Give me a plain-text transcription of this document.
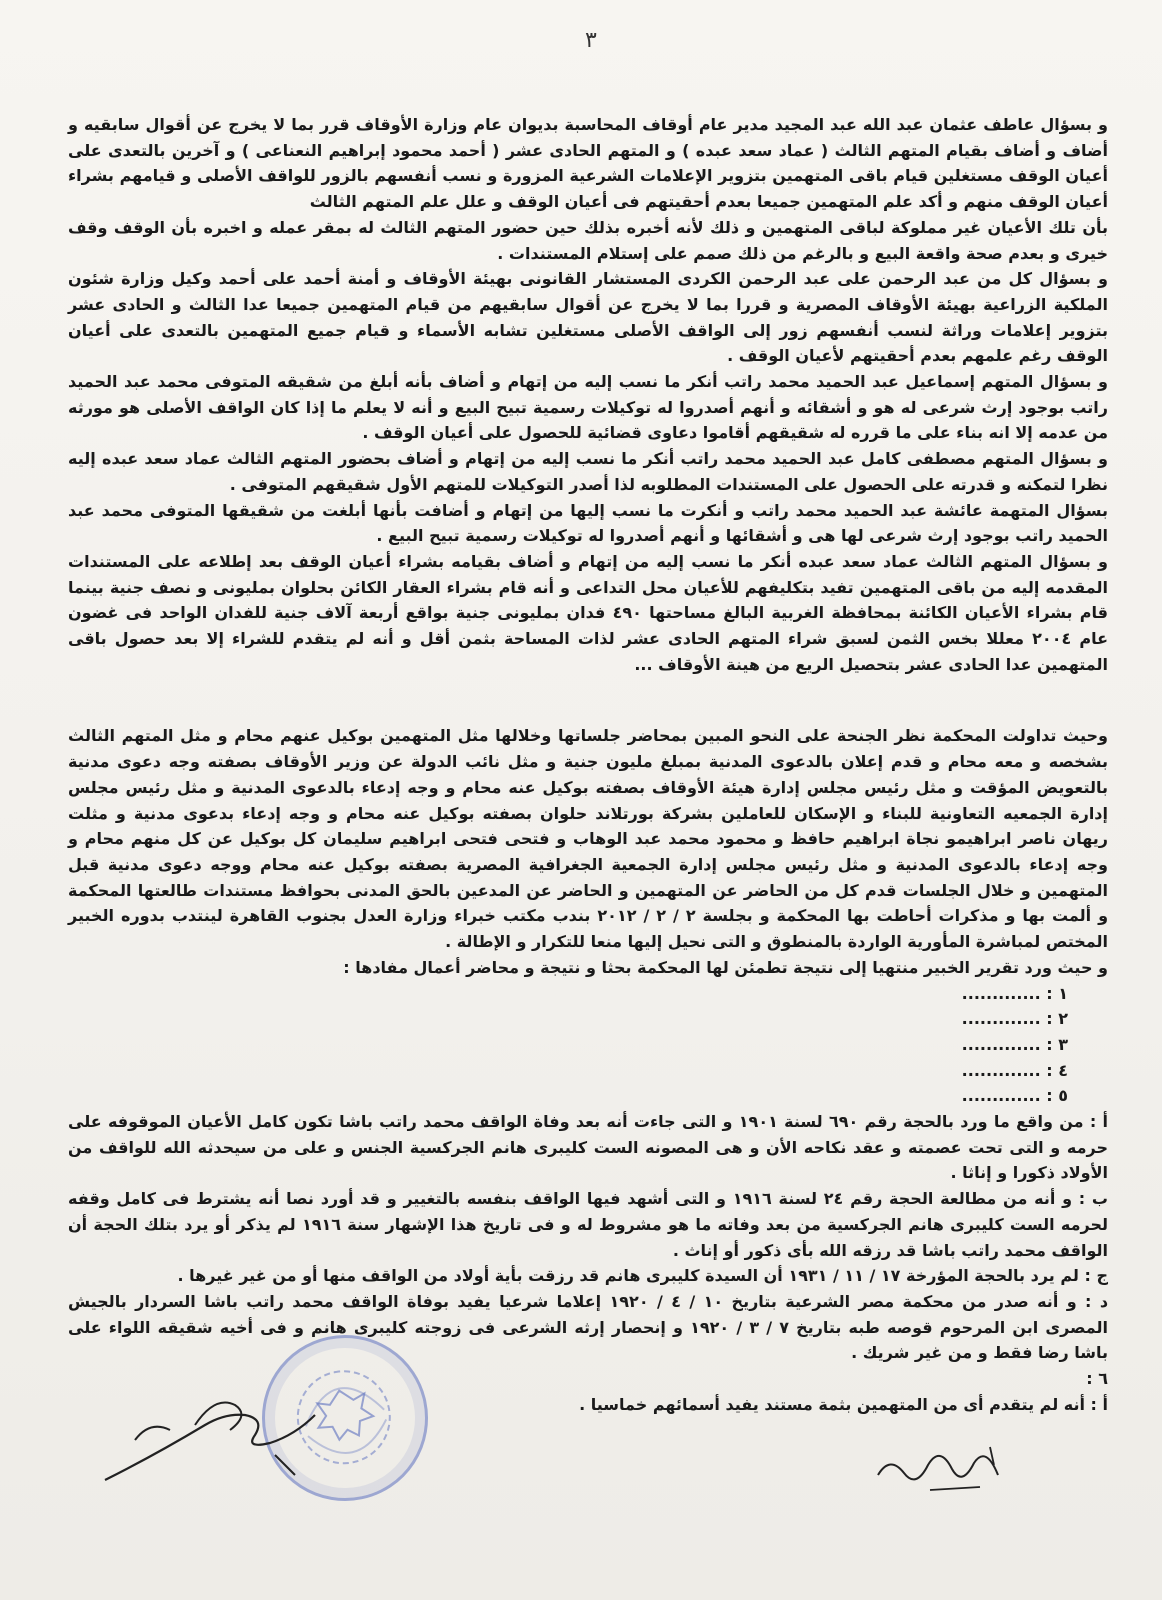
٣

و بسؤال عاطف عثمان عبد الله عبد المجيد مدير عام أوقاف المحاسبة بديوان عام وزارة الأوقاف قرر بما لا يخرج عن أقوال سابقيه و أضاف و أضاف بقيام المتهم الثالث ( عماد سعد عبده ) و المتهم الحادى عشر ( أحمد محمود إبراهيم النعناعى ) و آخرين بالتعدى على أعيان الوقف مستغلين قيام باقى المتهمين بتزوير الإعلامات الشرعية المزورة و نسب أنفسهم بالزور للواقف الأصلى و قيامهم بشراء أعيان الوقف منهم و أكد علم المتهمين جميعا بعدم أحقيتهم فى أعيان الوقف و علل علم المتهم الثالث

بأن تلك الأعيان غير مملوكة لباقى المتهمين و ذلك لأنه أخبره بذلك حين حضور المتهم الثالث له بمقر عمله و اخبره بأن الوقف وقف خيرى و بعدم صحة واقعة البيع و بالرغم من ذلك صمم على إستلام المستندات .

و بسؤال كل من عبد الرحمن على عبد الرحمن الكردى المستشار القانونى بهيئة الأوقاف و أمنة أحمد على أحمد وكيل وزارة شئون الملكية الزراعية بهيئة الأوقاف المصرية و قررا بما لا يخرج عن أقوال سابقيهم من قيام المتهمين جميعا عدا الثالث و الحادى عشر بتزوير إعلامات وراثة لنسب أنفسهم زور إلى الواقف الأصلى مستغلين تشابه الأسماء و قيام جميع المتهمين بالتعدى على أعيان الوقف رغم علمهم بعدم أحقيتهم لأعيان الوقف .

و بسؤال المتهم إسماعيل عبد الحميد محمد راتب أنكر ما نسب إليه من إتهام و أضاف بأنه أبلغ من شقيقه المتوفى محمد عبد الحميد راتب بوجود إرث شرعى له هو و أشقائه و أنهم أصدروا له توكيلات رسمية تبيح البيع و أنه لا يعلم ما إذا كان الواقف الأصلى هو مورثه من عدمه إلا انه بناء على ما قرره له شقيقهم أقاموا دعاوى قضائية للحصول على أعيان الوقف .

و بسؤال المتهم مصطفى كامل عبد الحميد محمد راتب أنكر ما نسب إليه من إتهام و أضاف بحضور المتهم الثالث عماد سعد عبده إليه نظرا لتمكنه و قدرته على الحصول على المستندات المطلوبه لذا أصدر التوكيلات للمتهم الأول شقيقهم المتوفى .

بسؤال المتهمة عائشة عبد الحميد محمد راتب و أنكرت ما نسب إليها من إتهام و أضافت بأنها أبلغت من شقيقها المتوفى محمد عبد الحميد راتب بوجود إرث شرعى لها هى و أشقائها و أنهم أصدروا له توكيلات رسمية تبيح البيع .

و بسؤال المتهم الثالث عماد سعد عبده أنكر ما نسب إليه من إتهام و أضاف بقيامه بشراء أعيان الوقف بعد إطلاعه على المستندات المقدمه إليه من باقى المتهمين تفيد بتكليفهم للأعيان محل التداعى و أنه قام بشراء العقار الكائن بحلوان بمليونى و نصف جنية بينما قام بشراء الأعيان الكائنة بمحافظة الغربية البالغ مساحتها ٤٩٠ فدان بمليونى جنية بواقع أربعة آلاف جنية للفدان الواحد فى غضون عام ٢٠٠٤ معللا بخس الثمن لسبق شراء المتهم الحادى عشر لذات المساحة بثمن أقل و أنه لم يتقدم للشراء إلا بعد حصول باقى المتهمين عدا الحادى عشر بتحصيل الريع من هينة الأوقاف ...

وحيث تداولت المحكمة نظر الجنحة على النحو المبين بمحاضر جلساتها وخلالها مثل المتهمين بوكيل عنهم محام و مثل المتهم الثالث بشخصه و معه محام و قدم إعلان بالدعوى المدنية بمبلغ مليون جنية و مثل نائب الدولة عن وزير الأوقاف بصفته وجه دعوى مدنية بالتعويض المؤقت و مثل رئيس مجلس إدارة هيئة الأوقاف بصفته بوكيل عنه محام و وجه إدعاء بالدعوى المدنية و مثل رئيس مجلس إدارة الجمعيه التعاونية للبناء و الإسكان للعاملين بشركة بورتلاند حلوان بصفته بوكيل عنه محام و وجه إدعاء بدعوى مدنية و مثلت ريهان ناصر ابراهيمو نجاة ابراهيم حافظ و محمود محمد عبد الوهاب و فتحى فتحى ابراهيم سليمان كل بوكيل عن كل منهم محام و وجه إدعاء بالدعوى المدنية و مثل رئيس مجلس إدارة الجمعية الجغرافية المصرية بصفته بوكيل عنه محام ووجه دعوى مدنية قبل المتهمين و خلال الجلسات قدم كل من الحاضر عن المتهمين و الحاضر عن المدعين بالحق المدنى بحوافظ مستندات طالعتها المحكمة و ألمت بها و مذكرات أحاطت بها المحكمة و بجلسة ٢ / ٢ / ٢٠١٢ بندب مكتب خبراء وزارة العدل بجنوب القاهرة لينتدب بدوره الخبير المختص لمباشرة المأورية الواردة بالمنطوق و التى نحيل إليها منعا للتكرار و الإطالة .

و حيث ورد تقرير الخبير منتهيا إلى نتيجة تطمئن لها المحكمة بحثا و نتيجة و محاضر أعمال مفادها :

١ : .............

٢ : .............

٣ : .............

٤ : .............

٥ : .............

أ : من واقع ما ورد بالحجة رقم ٦٩٠ لسنة ١٩٠١ و التى جاءت أنه بعد وفاة الواقف محمد راتب باشا تكون كامل الأعيان الموقوفه على حرمه و التى تحت عصمته و عقد نكاحه الأن و هى المصونه الست كليبرى هانم الجركسية الجنس و على من سيحدثه الله للواقف من الأولاد ذكورا و إناثا .

ب : و أنه من مطالعة الحجة رقم ٢٤ لسنة ١٩١٦ و التى أشهد فيها الواقف بنفسه بالتغيير و قد أورد نصا أنه يشترط فى كامل وقفه لحرمه الست كليبرى هانم الجركسية من بعد وفاته ما هو مشروط له و فى تاريخ هذا الإشهار سنة ١٩١٦ لم يذكر أو يرد بتلك الحجة أن الواقف محمد راتب باشا قد رزقه الله بأى ذكور أو إناث .

ج : لم يرد بالحجة المؤرخة ١٧ / ١١ / ١٩٣١ أن السيدة كليبرى هانم قد رزقت بأية أولاد من الواقف منها أو من غير غيرها .

د : و أنه صدر من محكمة مصر الشرعية بتاريخ ١٠ / ٤ / ١٩٢٠ إعلاما شرعيا يفيد بوفاة الواقف محمد راتب باشا السردار بالجيش المصرى ابن المرحوم قوصه طبه بتاريخ ٧ / ٣ / ١٩٢٠ و إنحصار إرثه الشرعى فى زوجته كليبرى هانم و فى أخيه شقيقه اللواء على باشا رضا فقط و من غير شريك .

٦ :

أ : أنه لم يتقدم أى من المتهمين بثمة مستند يفيد أسمائهم خماسيا .
